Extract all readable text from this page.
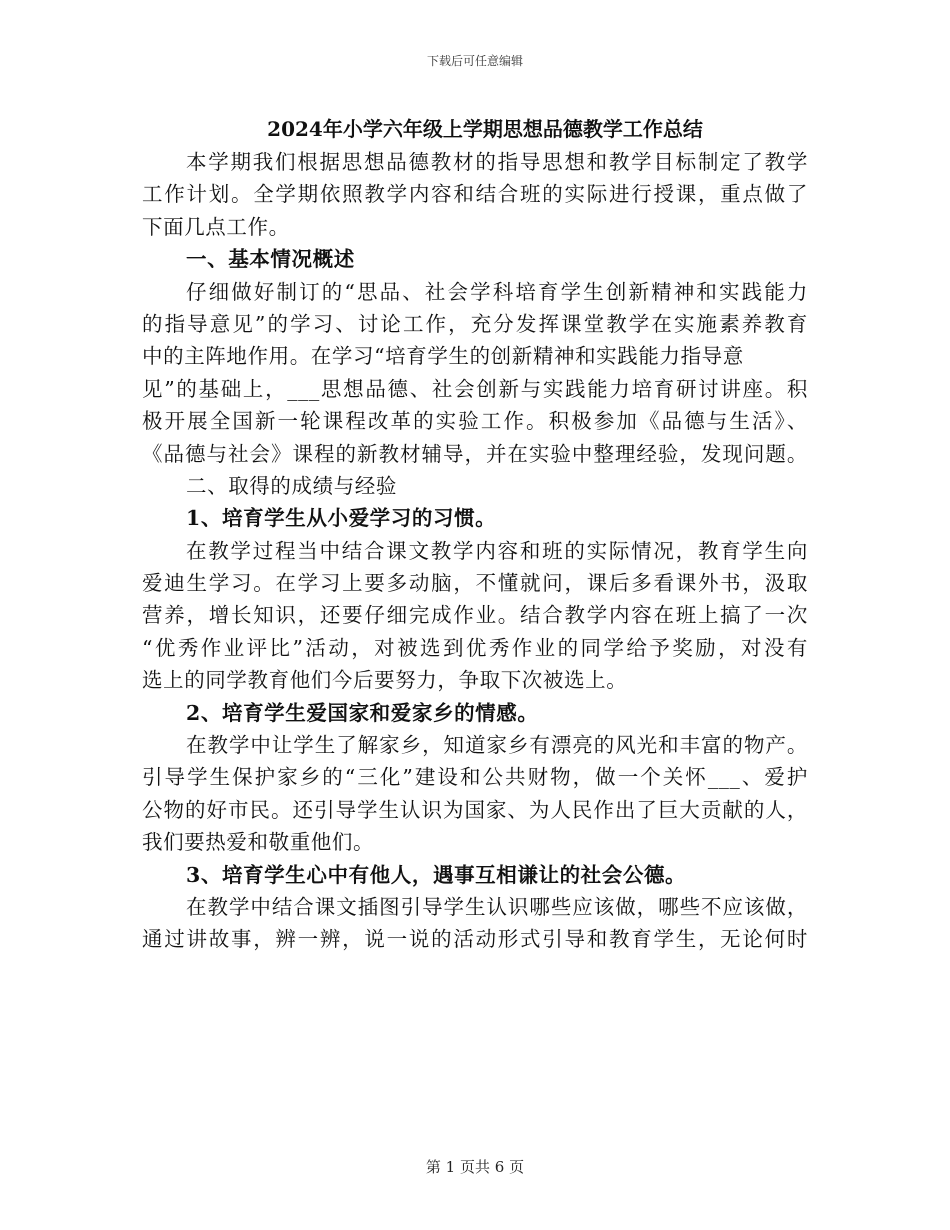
下载后可任意编辑
2024年小学六年级上学期思想品德教学工作总结
本学期我们根据思想品德教材的指导思想和教学目标制定了教学
工作计划。全学期依照教学内容和结合班的实际进行授课，重点做了
下面几点工作。
一、基本情况概述
仔细做好制订的“思品、社会学科培育学生创新精神和实践能力
的指导意见”的学习、讨论工作，充分发挥课堂教学在实施素养教育
中的主阵地作用。在学习“培育学生的创新精神和实践能力指导意
见”的基础上，___思想品德、社会创新与实践能力培育研讨讲座。积
极开展全国新一轮课程改革的实验工作。积极参加《品德与生活》、
《品德与社会》课程的新教材辅导，并在实验中整理经验，发现问题。
二、取得的成绩与经验
1、培育学生从小爱学习的习惯。
在教学过程当中结合课文教学内容和班的实际情况，教育学生向
爱迪生学习。在学习上要多动脑，不懂就问，课后多看课外书，汲取
营养，增长知识，还要仔细完成作业。结合教学内容在班上搞了一次
“优秀作业评比”活动，对被选到优秀作业的同学给予奖励，对没有
选上的同学教育他们今后要努力，争取下次被选上。
2、培育学生爱国家和爱家乡的情感。
在教学中让学生了解家乡，知道家乡有漂亮的风光和丰富的物产。
引导学生保护家乡的“三化”建设和公共财物，做一个关怀___、爱护
公物的好市民。还引导学生认识为国家、为人民作出了巨大贡献的人，
我们要热爱和敬重他们。
3、培育学生心中有他人，遇事互相谦让的社会公德。
在教学中结合课文插图引导学生认识哪些应该做，哪些不应该做，
通过讲故事，辨一辨，说一说的活动形式引导和教育学生，无论何时
第 1 页共 6 页
